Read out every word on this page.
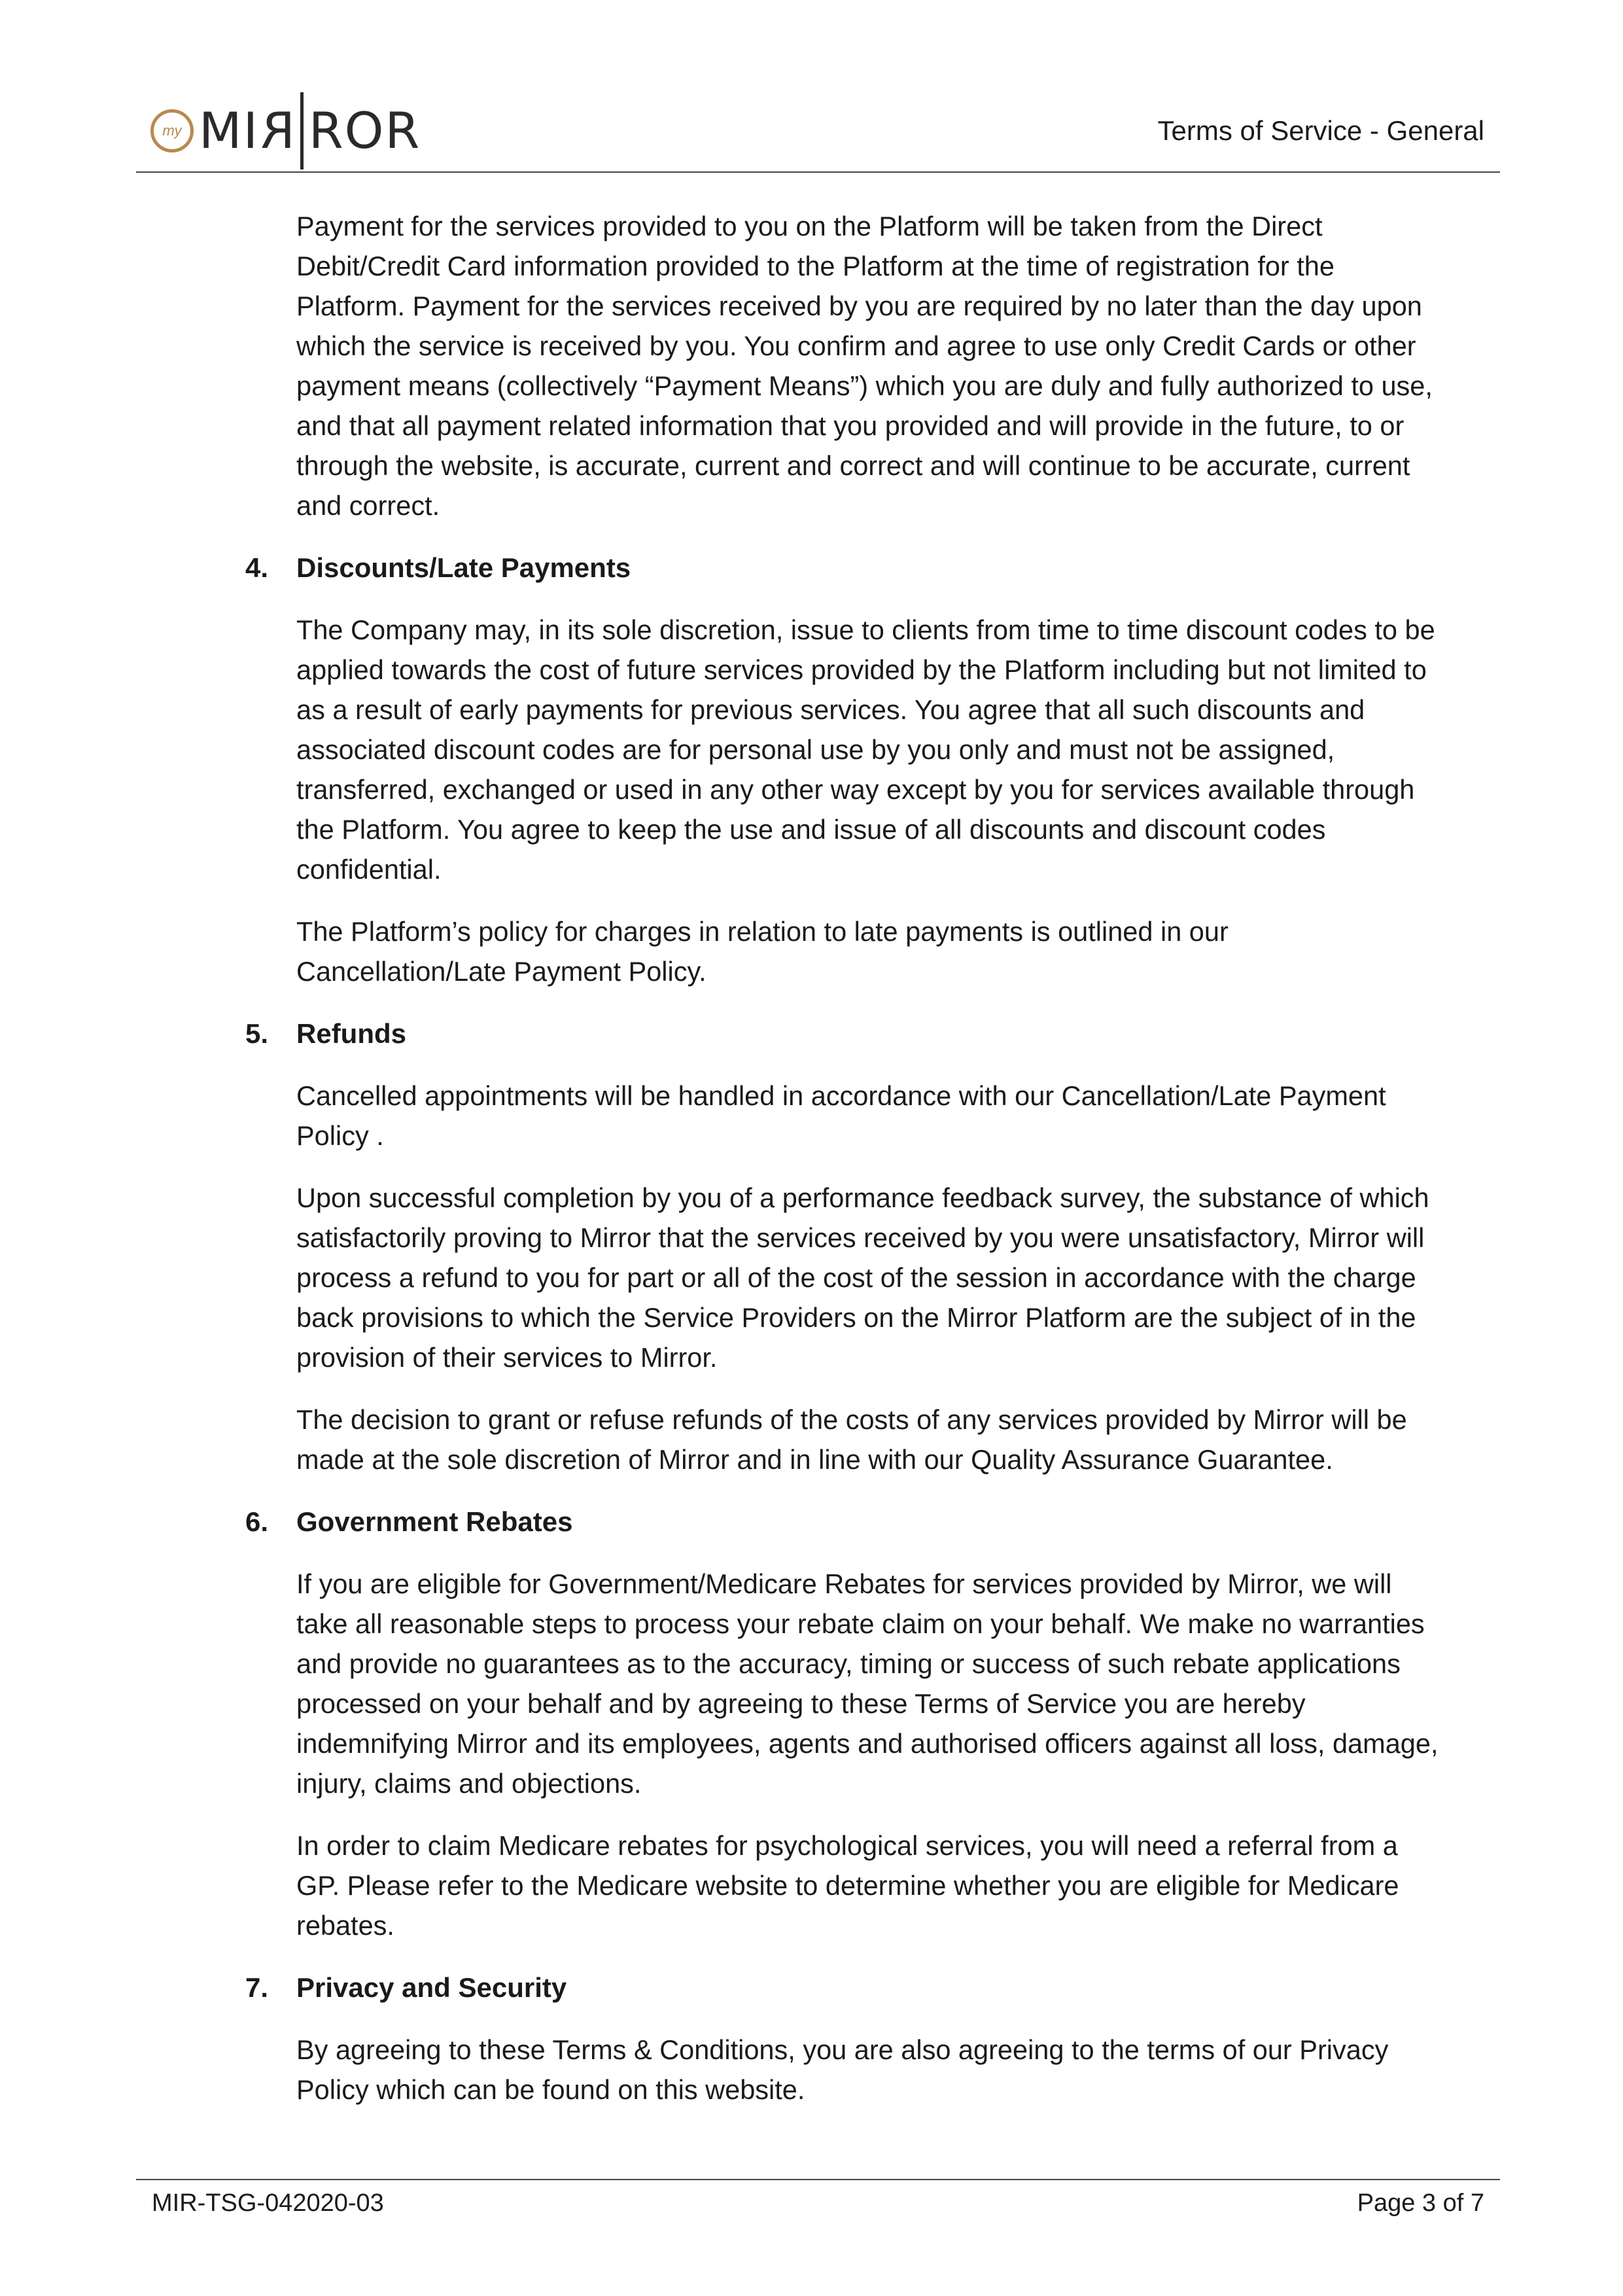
my MI R ROR	Terms of Service - General

Payment for the services provided to you on the Platform will be taken from the Direct Debit/Credit Card information provided to the Platform at the time of registration for the Platform. Payment for the services received by you are required by no later than the day upon which the service is received by you. You confirm and agree to use only Credit Cards or other payment means (collectively “Payment Means”) which you are duly and fully authorized to use, and that all payment related information that you provided and will provide in the future, to or through the website, is accurate, current and correct and will continue to be accurate, current and correct.

4.	Discounts/Late Payments

The Company may, in its sole discretion, issue to clients from time to time discount codes to be applied towards the cost of future services provided by the Platform including but not limited to as a result of early payments for previous services. You agree that all such discounts and associated discount codes are for personal use by you only and must not be assigned, transferred, exchanged or used in any other way except by you for services available through the Platform. You agree to keep the use and issue of all discounts and discount codes confidential.

The Platform’s policy for charges in relation to late payments is outlined in our Cancellation/Late Payment Policy.

5.	Refunds

Cancelled appointments will be handled in accordance with our Cancellation/Late Payment Policy .

Upon successful completion by you of a performance feedback survey, the substance of which satisfactorily proving to Mirror that the services received by you were unsatisfactory, Mirror will process a refund to you for part or all of the cost of the session in accordance with the charge back provisions to which the Service Providers on the Mirror Platform are the subject of in the provision of their services to Mirror.

The decision to grant or refuse refunds of the costs of any services provided by Mirror will be made at the sole discretion of Mirror and in line with our Quality Assurance Guarantee.

6.	Government Rebates

If you are eligible for Government/Medicare Rebates for services provided by Mirror, we will take all reasonable steps to process your rebate claim on your behalf. We make no warranties and provide no guarantees as to the accuracy, timing or success of such rebate applications processed on your behalf and by agreeing to these Terms of Service you are hereby indemnifying Mirror and its employees, agents and authorised officers against all loss, damage, injury, claims and objections.

In order to claim Medicare rebates for psychological services, you will need a referral from a GP. Please refer to the Medicare website to determine whether you are eligible for Medicare rebates.

7.	Privacy and Security

By agreeing to these Terms & Conditions, you are also agreeing to the terms of our Privacy Policy which can be found on this website.

MIR-TSG-042020-03	Page 3 of 7
